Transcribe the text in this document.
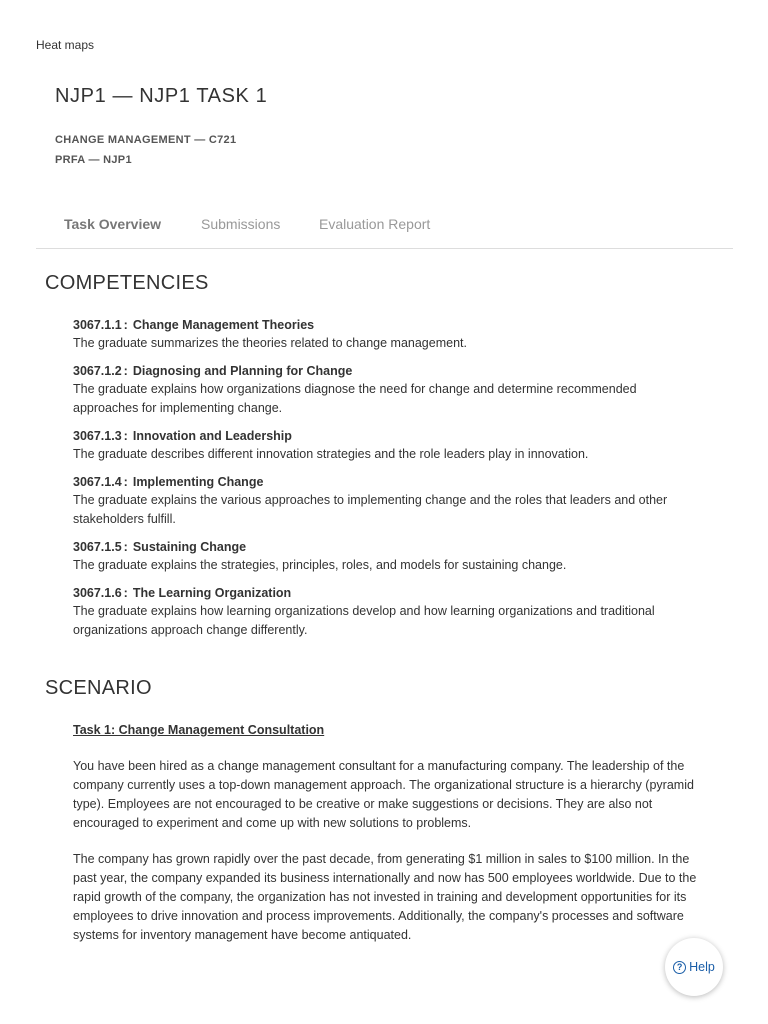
Heat maps
NJP1 — NJP1 TASK 1
CHANGE MANAGEMENT — C721
PRFA — NJP1
Task Overview	Submissions	Evaluation Report
COMPETENCIES
3067.1.1 : Change Management Theories
The graduate summarizes the theories related to change management.
3067.1.2 : Diagnosing and Planning for Change
The graduate explains how organizations diagnose the need for change and determine recommended approaches for implementing change.
3067.1.3 : Innovation and Leadership
The graduate describes different innovation strategies and the role leaders play in innovation.
3067.1.4 : Implementing Change
The graduate explains the various approaches to implementing change and the roles that leaders and other stakeholders fulfill.
3067.1.5 : Sustaining Change
The graduate explains the strategies, principles, roles, and models for sustaining change.
3067.1.6 : The Learning Organization
The graduate explains how learning organizations develop and how learning organizations and traditional organizations approach change differently.
SCENARIO
Task 1: Change Management Consultation

You have been hired as a change management consultant for a manufacturing company. The leadership of the company currently uses a top-down management approach. The organizational structure is a hierarchy (pyramid type). Employees are not encouraged to be creative or make suggestions or decisions. They are also not encouraged to experiment and come up with new solutions to problems.

The company has grown rapidly over the past decade, from generating $1 million in sales to $100 million. In the past year, the company expanded its business internationally and now has 500 employees worldwide. Due to the rapid growth of the company, the organization has not invested in training and development opportunities for its employees to drive innovation and process improvements. Additionally, the company's processes and software systems for inventory management have become antiquated.

? Help
